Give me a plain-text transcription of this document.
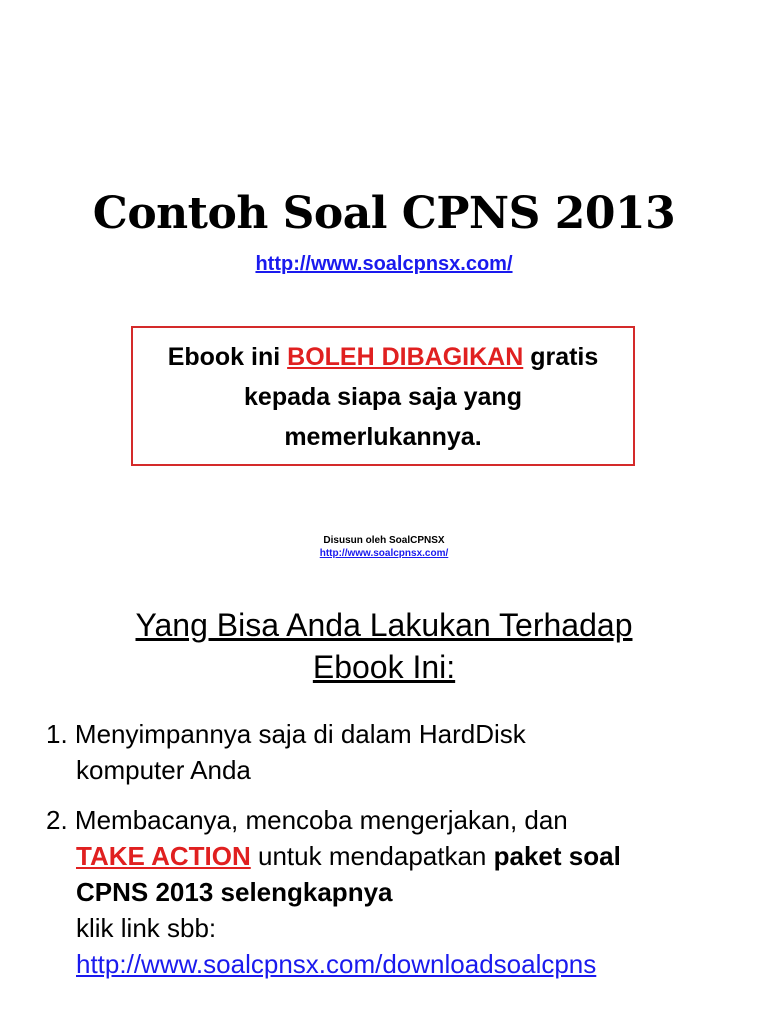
Contoh Soal CPNS 2013
http://www.soalcpnsx.com/
Ebook ini BOLEH DIBAGIKAN gratis
kepada siapa saja yang
memerlukannya.
Disusun oleh SoalCPNSX
http://www.soalcpnsx.com/
Yang Bisa Anda Lakukan Terhadap
Ebook Ini:
1. Menyimpannya saja di dalam HardDisk
komputer Anda
2. Membacanya, mencoba mengerjakan, dan
TAKE ACTION untuk mendapatkan paket soal
CPNS 2013 selengkapnya
klik link sbb:
http://www.soalcpnsx.com/downloadsoalcpns
